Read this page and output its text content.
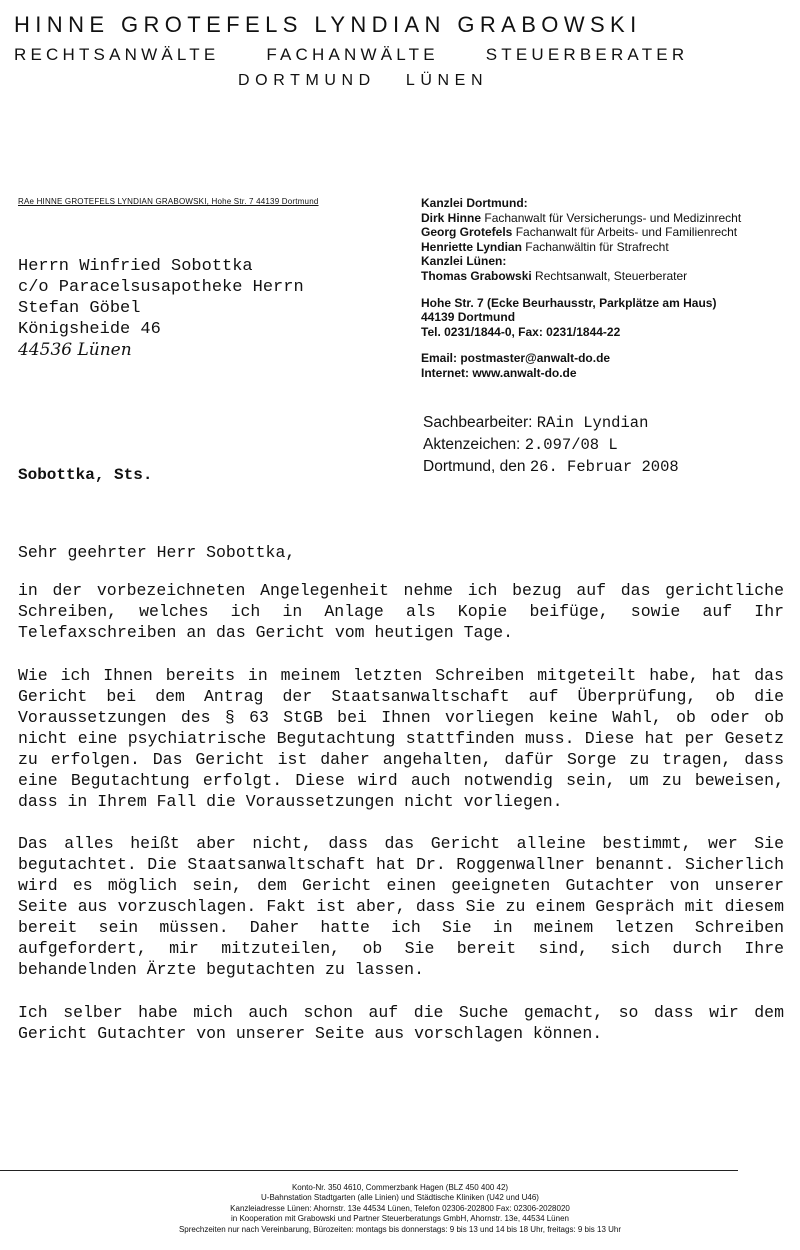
HINNE GROTEFELS LYNDIAN GRABOWSKI
RECHTSANWÄLTE FACHANWÄLTE STEUERBERATER
DORTMUND LÜNEN
RAe HINNE GROTEFELS LYNDIAN GRABOWSKI, Hohe Str. 7 44139 Dortmund
Herrn Winfried Sobottka
c/o Paracelsusapotheke Herrn
Stefan Göbel
Königsheide 46
44536 Lünen
Kanzlei Dortmund:
Dirk Hinne Fachanwalt für Versicherungs- und Medizinrecht
Georg Grotefels Fachanwalt für Arbeits- und Familienrecht
Henriette Lyndian Fachanwältin für Strafrecht
Kanzlei Lünen:
Thomas Grabowski Rechtsanwalt, Steuerberater
Hohe Str. 7 (Ecke Beurhausstr, Parkplätze am Haus)
44139 Dortmund
Tel. 0231/1844-0, Fax: 0231/1844-22
Email: postmaster@anwalt-do.de
Internet: www.anwalt-do.de
Sachbearbeiter: RAin Lyndian
Aktenzeichen: 2.097/08 L
Dortmund, den 26. Februar 2008
Sobottka, Sts.

Sehr geehrter Herr Sobottka,

in der vorbezeichneten Angelegenheit nehme ich bezug auf das gerichtliche Schreiben, welches ich in Anlage als Kopie beifüge, sowie auf Ihr Telefaxschreiben an das Gericht vom heutigen Tage.

Wie ich Ihnen bereits in meinem letzten Schreiben mitgeteilt habe, hat das Gericht bei dem Antrag der Staatsanwaltschaft auf Überprüfung, ob die Voraussetzungen des § 63 StGB bei Ihnen vorliegen keine Wahl, ob oder ob nicht eine psychiatrische Begutachtung stattfinden muss. Diese hat per Gesetz zu erfolgen. Das Gericht ist daher angehalten, dafür Sorge zu tragen, dass eine Begutachtung erfolgt. Diese wird auch notwendig sein, um zu beweisen, dass in Ihrem Fall die Voraussetzungen nicht vorliegen.

Das alles heißt aber nicht, dass das Gericht alleine bestimmt, wer Sie begutachtet. Die Staatsanwaltschaft hat Dr. Roggenwallner benannt. Sicherlich wird es möglich sein, dem Gericht einen geeigneten Gutachter von unserer Seite aus vorzuschlagen. Fakt ist aber, dass Sie zu einem Gespräch mit diesem bereit sein müssen. Daher hatte ich Sie in meinem letzen Schreiben aufgefordert, mir mitzuteilen, ob Sie bereit sind, sich durch Ihre behandelnden Ärzte begutachten zu lassen.

Ich selber habe mich auch schon auf die Suche gemacht, so dass wir dem Gericht Gutachter von unserer Seite aus vorschlagen können.

Konto-Nr. 350 4610, Commerzbank Hagen (BLZ 450 400 42)
U-Bahnstation Stadtgarten (alle Linien) und Städtische Kliniken (U42 und U46)
Kanzleiadresse Lünen: Ahornstr. 13e 44534 Lünen, Telefon 02306-202800 Fax: 02306-2028020
in Kooperation mit Grabowski und Partner Steuerberatungs GmbH, Ahornstr. 13e, 44534 Lünen
Sprechzeiten nur nach Vereinbarung, Bürozeiten: montags bis donnerstags: 9 bis 13 und 14 bis 18 Uhr, freitags: 9 bis 13 Uhr
